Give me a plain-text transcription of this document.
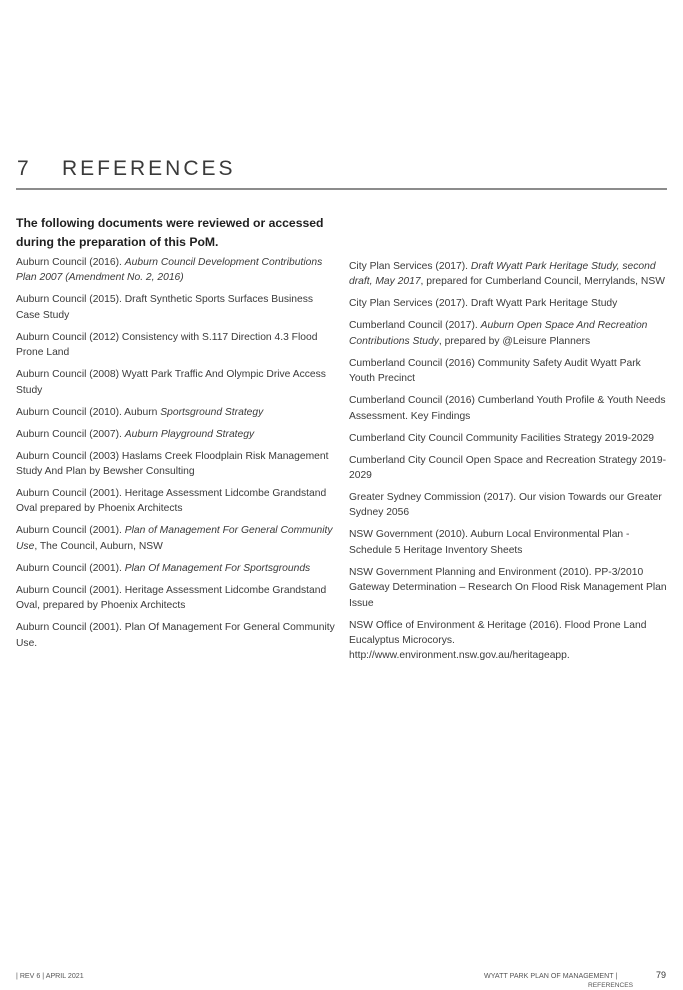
7 REFERENCES
The following documents were reviewed or accessed during the preparation of this PoM.

Auburn Council (2016). Auburn Council Development Contributions Plan 2007 (Amendment No. 2, 2016)

Auburn Council (2015). Draft Synthetic Sports Surfaces Business Case Study

Auburn Council (2012) Consistency with S.117 Direction 4.3 Flood Prone Land

Auburn Council (2008) Wyatt Park Traffic And Olympic Drive Access Study

Auburn Council (2010). Auburn Sportsground Strategy

Auburn Council (2007). Auburn Playground Strategy

Auburn Council (2003) Haslams Creek Floodplain Risk Management Study And Plan by Bewsher Consulting

Auburn Council (2001). Heritage Assessment Lidcombe Grandstand Oval prepared by Phoenix Architects

Auburn Council (2001). Plan of Management For General Community Use, The Council, Auburn, NSW

Auburn Council (2001). Plan Of Management For Sportsgrounds

Auburn Council (2001). Heritage Assessment Lidcombe Grandstand Oval, prepared by Phoenix Architects

Auburn Council (2001). Plan Of Management For General Community Use.

City Plan Services (2017). Draft Wyatt Park Heritage Study, second draft, May 2017, prepared for Cumberland Council, Merrylands, NSW

City Plan Services (2017). Draft Wyatt Park Heritage Study

Cumberland Council (2017). Auburn Open Space And Recreation Contributions Study, prepared by @Leisure Planners

Cumberland Council (2016) Community Safety Audit Wyatt Park Youth Precinct

Cumberland Council (2016) Cumberland Youth Profile & Youth Needs Assessment. Key Findings

Cumberland City Council Community Facilities Strategy 2019-2029

Cumberland City Council Open Space and Recreation Strategy 2019-2029

Greater Sydney Commission (2017). Our vision Towards our Greater Sydney 2056

NSW Government (2010). Auburn Local Environmental Plan - Schedule 5 Heritage Inventory Sheets

NSW Government Planning and Environment (2010). PP-3/2010 Gateway Determination – Research On Flood Risk Management Plan Issue

NSW Office of Environment & Heritage (2016). Flood Prone Land Eucalyptus Microcorys. http://www.environment.nsw.gov.au/heritageapp.

| REV 6 | APRIL 2021	WYATT PARK PLAN OF MANAGEMENT |
REFERENCES
79
